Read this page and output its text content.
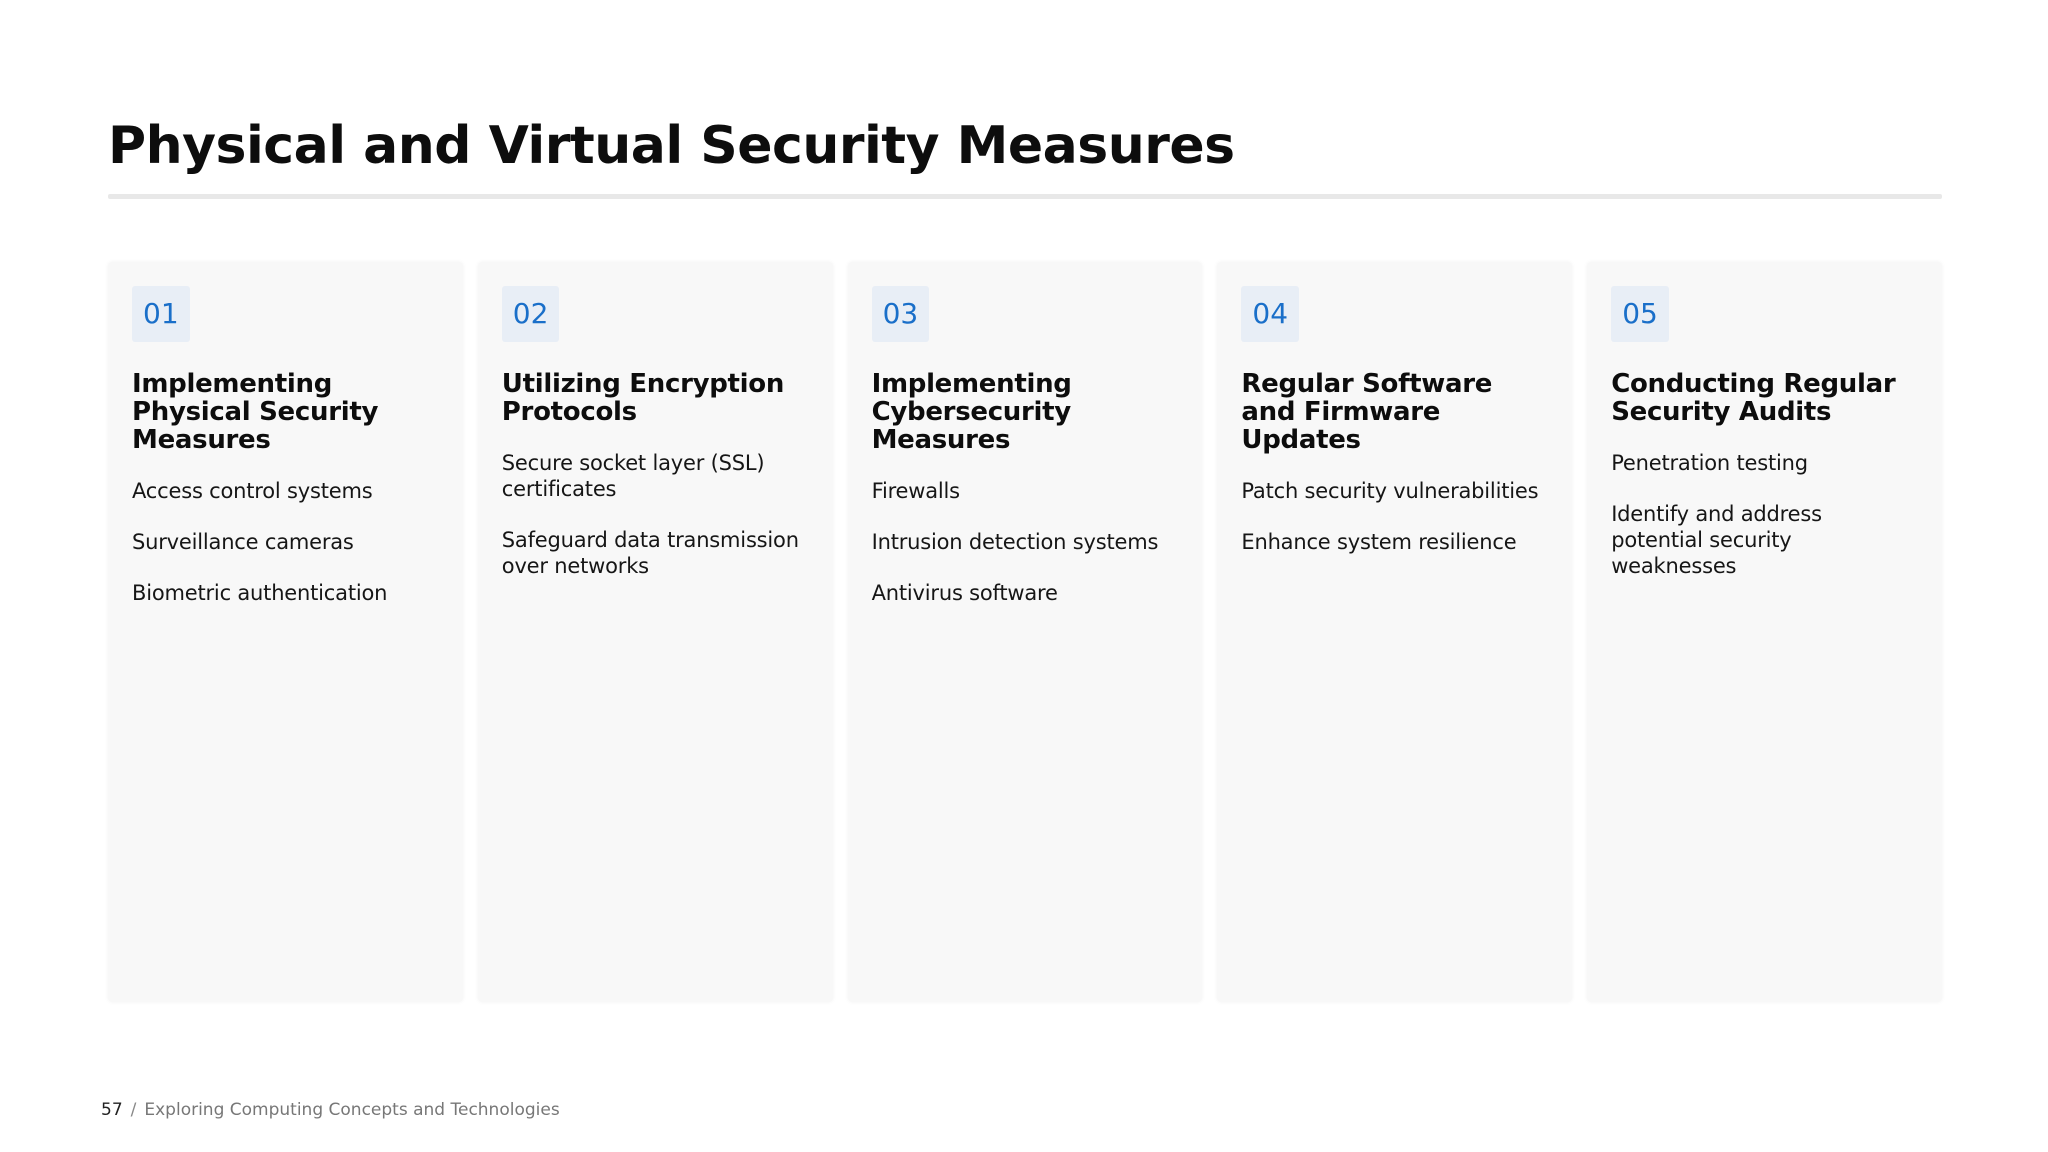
Physical and Virtual Security Measures
01
Implementing Physical Security Measures
Access control systems
Surveillance cameras
Biometric authentication
02
Utilizing Encryption Protocols
Secure socket layer (SSL) certificates
Safeguard data transmission over networks
03
Implementing Cybersecurity Measures
Firewalls
Intrusion detection systems
Antivirus software
04
Regular Software and Firmware Updates
Patch security vulnerabilities
Enhance system resilience
05
Conducting Regular Security Audits
Penetration testing
Identify and address potential security weaknesses
57 / Exploring Computing Concepts and Technologies
